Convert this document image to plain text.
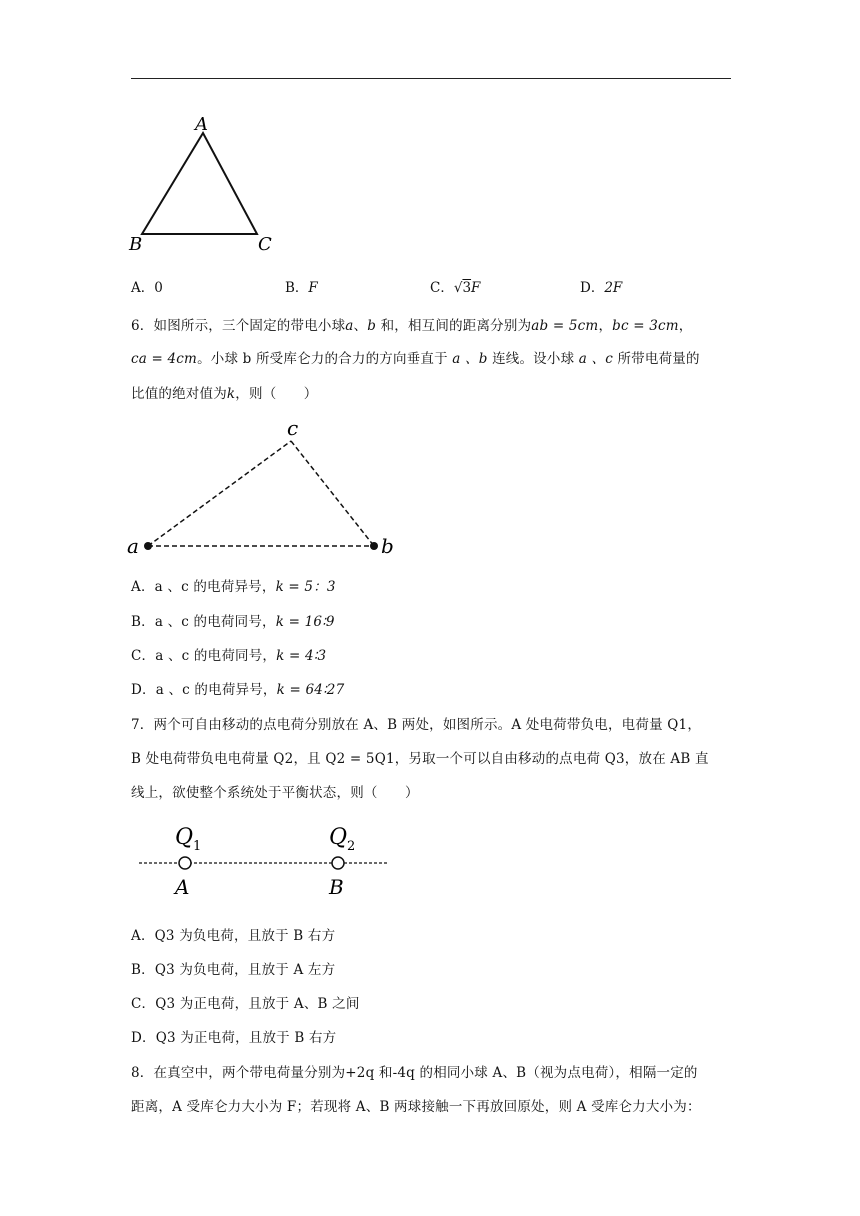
A
B	C
A．0	B．F	C．√3F	D．2F
6．如图所示，三个固定的带电小球a、b 和，相互间的距离分别为ab = 5cm，bc = 3cm，
ca = 4cm。小球 b 所受库仑力的合力的方向垂直于 a 、b 连线。设小球 a 、c 所带电荷量的
比值的绝对值为k，则（　　）
c
a	b
A．a 、c 的电荷异号，k = 5：3
B．a 、c 的电荷同号，k = 16∶9
C．a 、c 的电荷同号，k = 4∶3
D．a 、c 的电荷异号，k = 64∶27
7．两个可自由移动的点电荷分别放在 A、B 两处，如图所示。A 处电荷带负电，电荷量 Q1，
B 处电荷带负电电荷量 Q2，且 Q2 = 5Q1，另取一个可以自由移动的点电荷 Q3，放在 AB 直
线上，欲使整个系统处于平衡状态，则（　　）
$Q_1$	$Q_2$
A	B
A．Q3 为负电荷，且放于 B 右方
B．Q3 为负电荷，且放于 A 左方
C．Q3 为正电荷，且放于 A、B 之间
D．Q3 为正电荷，且放于 B 右方
8．在真空中，两个带电荷量分别为+2q 和-4q 的相同小球 A、B（视为点电荷），相隔一定的
距离，A 受库仑力大小为 F；若现将 A、B 两球接触一下再放回原处，则 A 受库仑力大小为：
